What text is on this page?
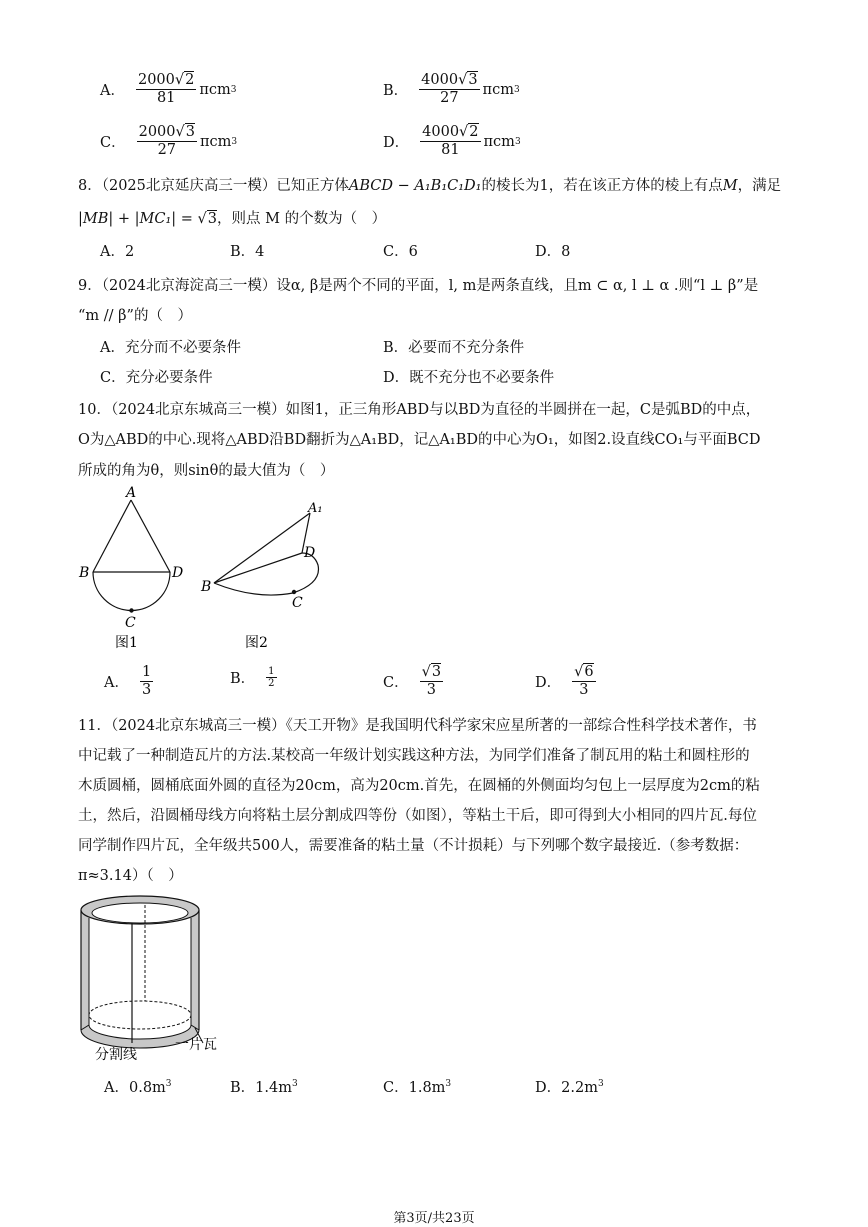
A． $\frac{2000√2}{81}$ πcm 3	B． $\frac{4000√3}{27}$ πcm 3
C． $\frac{2000√3}{27}$ πcm 3	D． $\frac{4000√2}{81}$ πcm 3
8．（2025北京延庆高三一模）已知正方体ABCD − A₁B₁C₁D₁的棱长为1，若在该正方体的棱上有点M，满足
|MB| + |MC₁| = √3，则点 M 的个数为（　）
A．2	B．4	C．6	D．8
9．（2024北京海淀高三一模）设α, β是两个不同的平面，l, m是两条直线，且m ⊂ α, l ⊥ α .则“l ⊥ β”是
“m // β”的（　）
A．充分而不必要条件	B．必要而不充分条件
C．充分必要条件	D．既不充分也不必要条件
10．（2024北京东城高三一模）如图1，正三角形ABD与以BD为直径的半圆拼在一起，C是弧BD的中点，
O为△ABD的中心.现将△ABD沿BD翻折为△A₁BD，记△A₁BD的中心为O₁，如图2.设直线CO₁与平面BCD
所成的角为θ，则sinθ的最大值为（　）
A
B	D
C
图1
A₁
D
B
C
图2
A． $\frac{1}{3}$	B． $\frac{1}{2}$	C． $\frac{√3}{3}$	D． $\frac{√6}{3}$
11．（2024北京东城高三一模）《天工开物》是我国明代科学家宋应星所著的一部综合性科学技术著作，书
中记载了一种制造瓦片的方法.某校高一年级计划实践这种方法，为同学们准备了制瓦用的粘土和圆柱形的
木质圆桶，圆桶底面外圆的直径为20cm，高为20cm.首先，在圆桶的外侧面均匀包上一层厚度为2cm的粘
土，然后，沿圆桶母线方向将粘土层分割成四等份（如图），等粘土干后，即可得到大小相同的四片瓦.每位
同学制作四片瓦，全年级共500人，需要准备的粘土量（不计损耗）与下列哪个数字最接近.（参考数据：
π≈3.14）（　）
分割线
一片瓦
A．$0.8m^3$	B．$1.4m^3$	C．$1.8m^3$	D．$2.2m^3$
第3页/共23页
